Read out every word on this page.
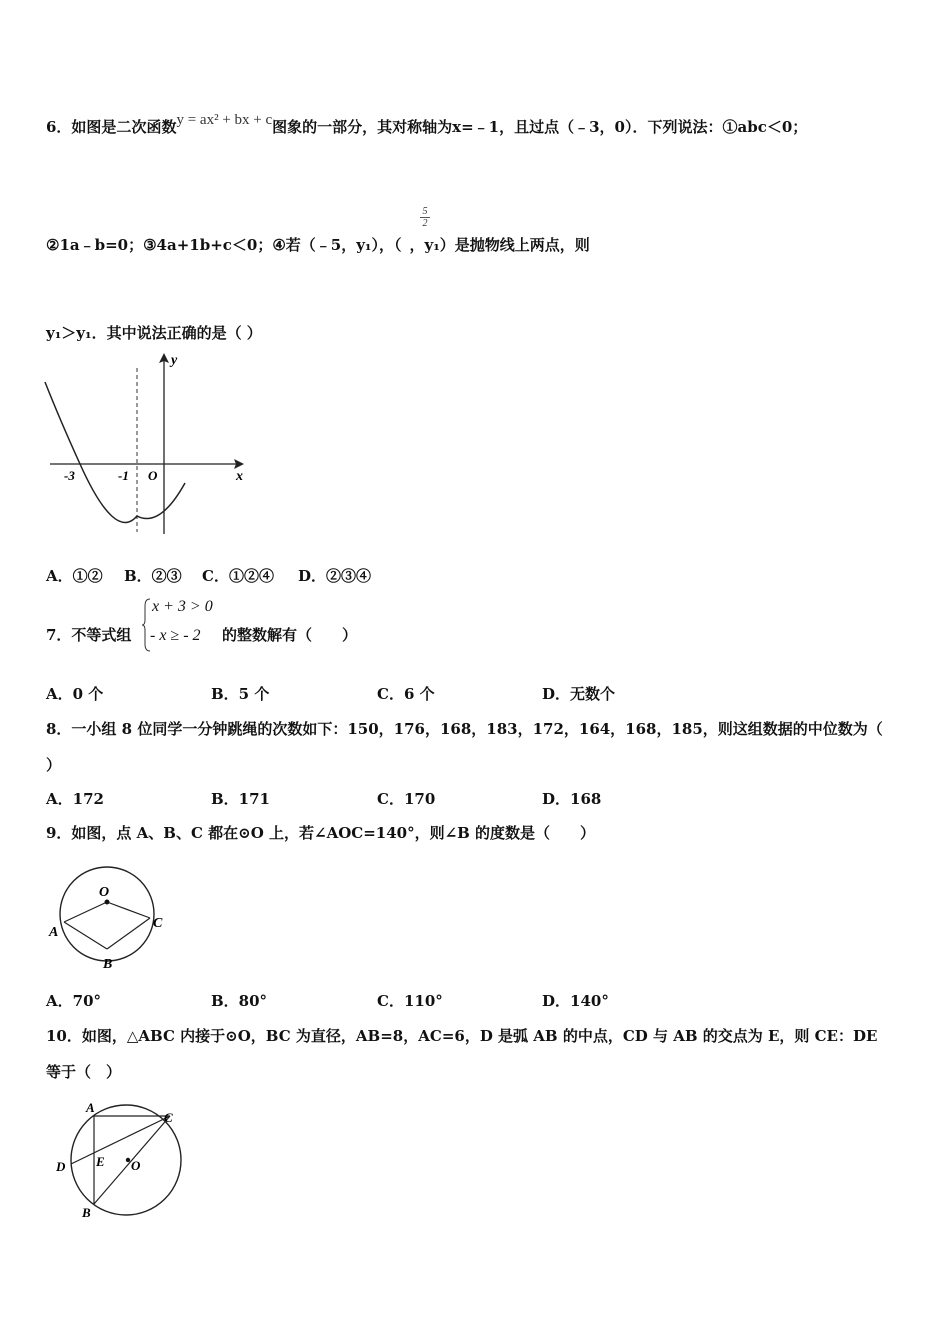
6．如图是二次函数y = ax² + bx + c图象的一部分，其对称轴为x=﹣1，且过点（﹣3，0）．下列说法：①abc＜0；
5
2
②1a﹣b=0；③4a+1b+c＜0；④若（﹣5，y₁），（ ，y₁）是抛物线上两点，则
y₁＞y₁．其中说法正确的是（ ）
y
x
-3	-1 O
A．①② B．②③ C．①②④ D．②③④
7．不等式组
x + 3 > 0
- x ≥ - 2 的整数解有（　　）
A．0 个	B．5 个	C．6 个	D．无数个
8．一小组 8 位同学一分钟跳绳的次数如下：150，176，168，183，172，164，168，185，则这组数据的中位数为（
）
A．172	B．171	C．170	D．168
9．如图，点 A、B、C 都在⊙O 上，若∠AOC=140°，则∠B 的度数是（　　）
O
A
B
C
A．70°	B．80°	C．110°	D．140°
10．如图，△ABC 内接于⊙O，BC 为直径，AB=8，AC=6，D 是弧 AB 的中点，CD 与 AB 的交点为 E，则 CE：DE
等于（　）
A
C
D E O
B
